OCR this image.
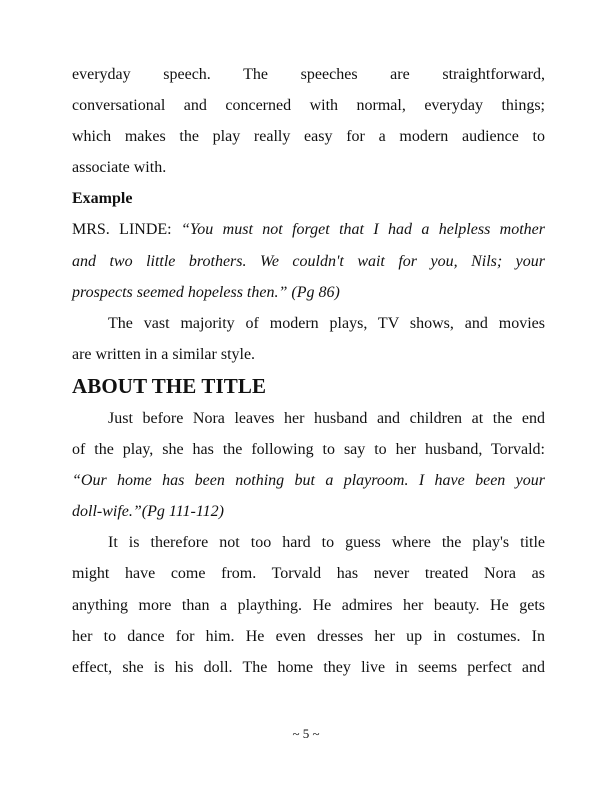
everyday speech. The speeches are straightforward,
conversational and concerned with normal, everyday things;
which makes the play really easy for a modern audience to
associate with.
Example
MRS. LINDE: “You must not forget that I had a helpless mother
and two little brothers. We couldn't wait for you, Nils; your
prospects seemed hopeless then.” (Pg 86)
The vast majority of modern plays, TV shows, and movies
are written in a similar style.
ABOUT THE TITLE
Just before Nora leaves her husband and children at the end
of the play, she has the following to say to her husband, Torvald:
“Our home has been nothing but a playroom. I have been your
doll-wife.”(Pg 111-112)
It is therefore not too hard to guess where the play's title
might have come from. Torvald has never treated Nora as
anything more than a plaything. He admires her beauty. He gets
her to dance for him. He even dresses her up in costumes. In
effect, she is his doll. The home they live in seems perfect and
~ 5 ~
